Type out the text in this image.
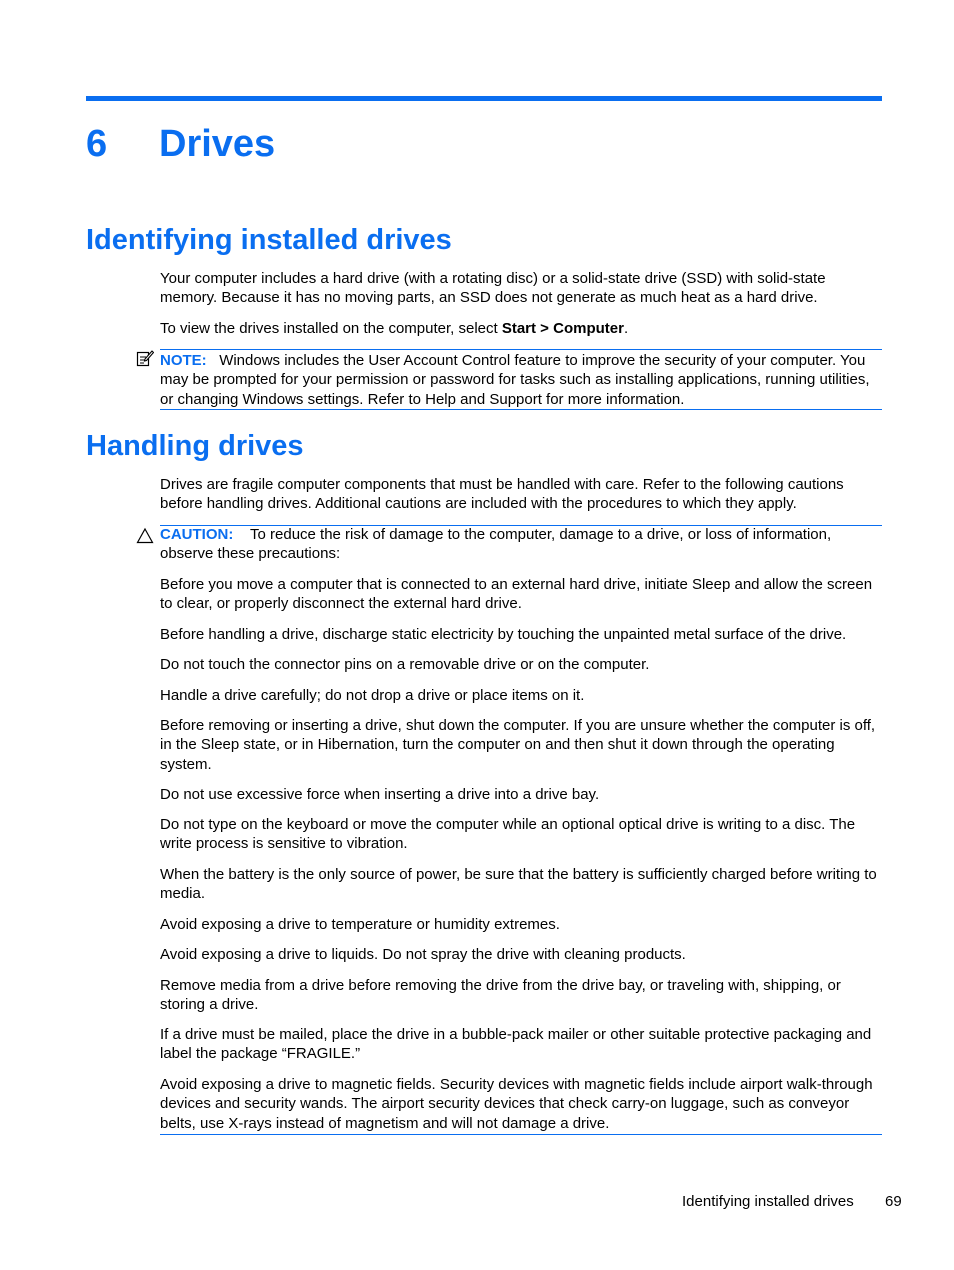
6 Drives
Identifying installed drives

Your computer includes a hard drive (with a rotating disc) or a solid-state drive (SSD) with solid-state memory. Because it has no moving parts, an SSD does not generate as much heat as a hard drive.

To view the drives installed on the computer, select Start > Computer.

NOTE: Windows includes the User Account Control feature to improve the security of your computer. You may be prompted for your permission or password for tasks such as installing applications, running utilities, or changing Windows settings. Refer to Help and Support for more information.

Handling drives

Drives are fragile computer components that must be handled with care. Refer to the following cautions before handling drives. Additional cautions are included with the procedures to which they apply.

CAUTION: To reduce the risk of damage to the computer, damage to a drive, or loss of information, observe these precautions:

Before you move a computer that is connected to an external hard drive, initiate Sleep and allow the screen to clear, or properly disconnect the external hard drive.

Before handling a drive, discharge static electricity by touching the unpainted metal surface of the drive.

Do not touch the connector pins on a removable drive or on the computer.

Handle a drive carefully; do not drop a drive or place items on it.

Before removing or inserting a drive, shut down the computer. If you are unsure whether the computer is off, in the Sleep state, or in Hibernation, turn the computer on and then shut it down through the operating system.

Do not use excessive force when inserting a drive into a drive bay.

Do not type on the keyboard or move the computer while an optional optical drive is writing to a disc. The write process is sensitive to vibration.

When the battery is the only source of power, be sure that the battery is sufficiently charged before writing to media.

Avoid exposing a drive to temperature or humidity extremes.

Avoid exposing a drive to liquids. Do not spray the drive with cleaning products.

Remove media from a drive before removing the drive from the drive bay, or traveling with, shipping, or storing a drive.

If a drive must be mailed, place the drive in a bubble-pack mailer or other suitable protective packaging and label the package “FRAGILE.”

Avoid exposing a drive to magnetic fields. Security devices with magnetic fields include airport walk-through devices and security wands. The airport security devices that check carry-on luggage, such as conveyor belts, use X-rays instead of magnetism and will not damage a drive.

Identifying installed drives 69
